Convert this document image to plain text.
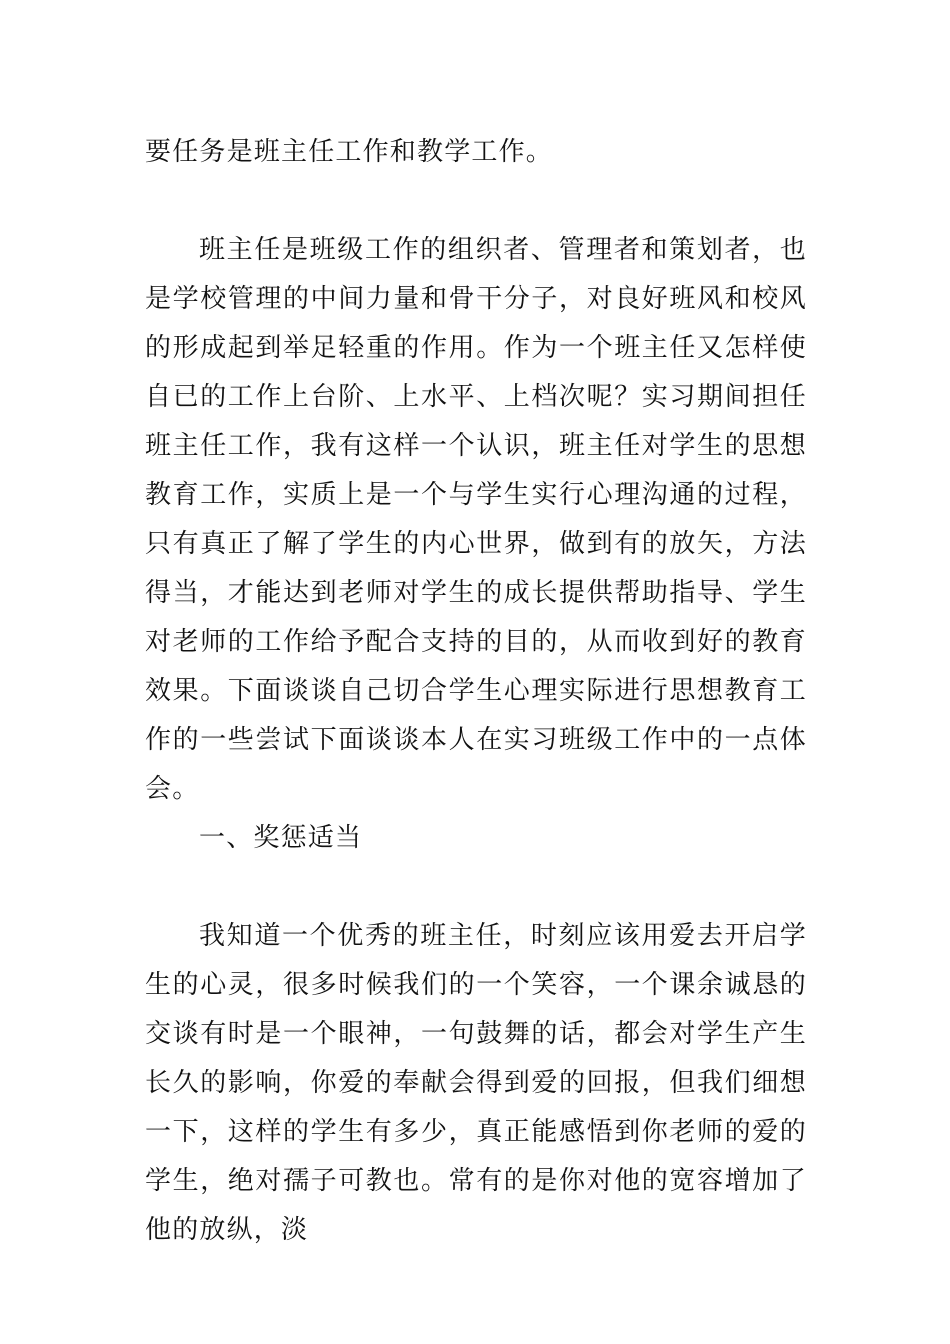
要任务是班主任工作和教学工作。

班主任是班级工作的组织者、管理者和策划者，也是学校管理的中间力量和骨干分子，对良好班风和校风的形成起到举足轻重的作用。作为一个班主任又怎样使自已的工作上台阶、上水平、上档次呢？实习期间担任班主任工作，我有这样一个认识，班主任对学生的思想教育工作，实质上是一个与学生实行心理沟通的过程，只有真正了解了学生的内心世界，做到有的放矢，方法得当，才能达到老师对学生的成长提供帮助指导、学生对老师的工作给予配合支持的目的，从而收到好的教育效果。下面谈谈自己切合学生心理实际进行思想教育工作的一些尝试下面谈谈本人在实习班级工作中的一点体会。

一、奖惩适当

我知道一个优秀的班主任，时刻应该用爱去开启学生的心灵，很多时候我们的一个笑容，一个课余诚恳的交谈有时是一个眼神，一句鼓舞的话，都会对学生产生长久的影响，你爱的奉献会得到爱的回报，但我们细想一下，这样的学生有多少，真正能感悟到你老师的爱的学生，绝对孺子可教也。常有的是你对他的宽容增加了他的放纵，淡
